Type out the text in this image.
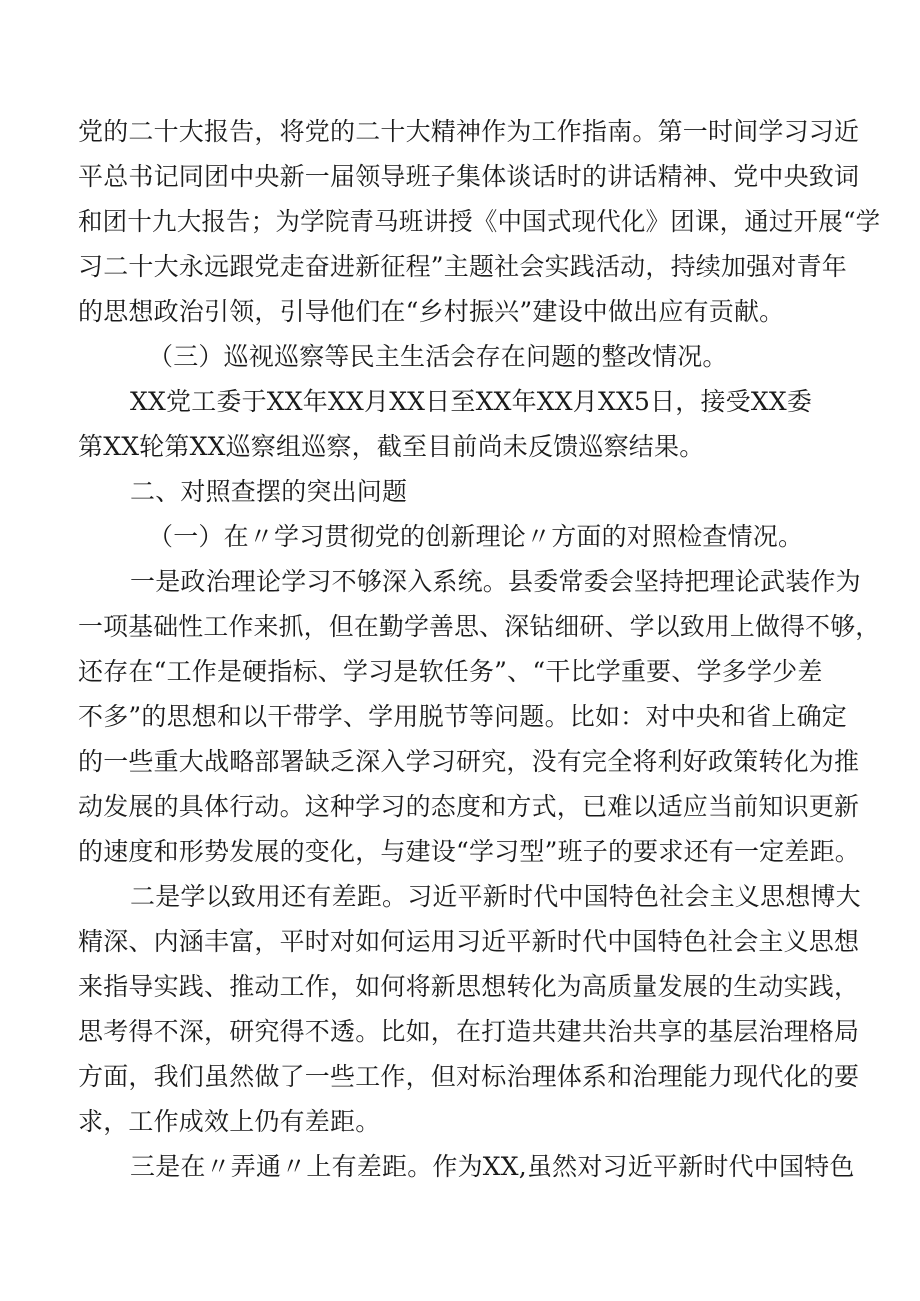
党的二十大报告，将党的二十大精神作为工作指南。第一时间学习习近
平总书记同团中央新一届领导班子集体谈话时的讲话精神、党中央致词
和团十九大报告；为学院青马班讲授《中国式现代化》团课，通过开展“学
习二十大永远跟党走奋进新征程”主题社会实践活动，持续加强对青年
的思想政治引领，引导他们在“乡村振兴”建设中做出应有贡献。
（三）巡视巡察等民主生活会存在问题的整改情况。
XX党工委于XX年XX月XX日至XX年XX月XX5日，接受XX委
第XX轮第XX巡察组巡察，截至目前尚未反馈巡察结果。
二、对照查摆的突出问题
（一）在〃学习贯彻党的创新理论〃方面的对照检查情况。
一是政治理论学习不够深入系统。县委常委会坚持把理论武装作为
一项基础性工作来抓，但在勤学善思、深钻细研、学以致用上做得不够，
还存在“工作是硬指标、学习是软任务”、“干比学重要、学多学少差
不多”的思想和以干带学、学用脱节等问题。比如：对中央和省上确定
的一些重大战略部署缺乏深入学习研究，没有完全将利好政策转化为推
动发展的具体行动。这种学习的态度和方式，已难以适应当前知识更新
的速度和形势发展的变化，与建设“学习型”班子的要求还有一定差距。
二是学以致用还有差距。习近平新时代中国特色社会主义思想博大
精深、内涵丰富，平时对如何运用习近平新时代中国特色社会主义思想
来指导实践、推动工作，如何将新思想转化为高质量发展的生动实践，
思考得不深，研究得不透。比如，在打造共建共治共享的基层治理格局
方面，我们虽然做了一些工作，但对标治理体系和治理能力现代化的要
求，工作成效上仍有差距。
三是在〃弄通〃上有差距。作为XX,虽然对习近平新时代中国特色
